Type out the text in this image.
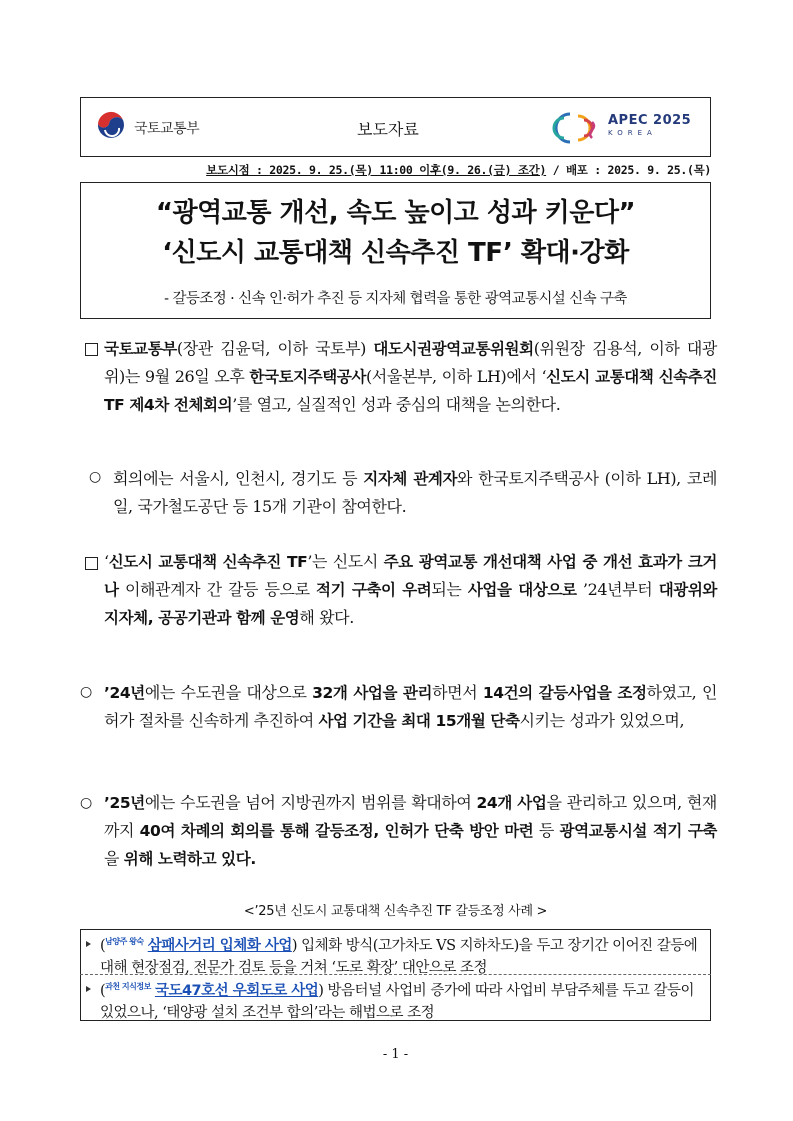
국토교통부	보도자료	APEC 2025
KOREA
보도시점 : 2025. 9. 25.(목) 11:00 이후(9. 26.(금) 조간) / 배포 : 2025. 9. 25.(목)
“광역교통 개선, 속도 높이고 성과 키운다”
‘신도시 교통대책 신속추진 TF’ 확대·강화
- 갈등조정 · 신속 인·허가 추진 등 지자체 협력을 통한 광역교통시설 신속 구축
국토교통부(장관 김윤덕, 이하 국토부) 대도시권광역교통위원회(위원장 김용석, 이하 대광위)는 9월 26일 오후 한국토지주택공사(서울본부, 이하 LH)에서 ‘신도시 교통대책 신속추진 TF 제4차 전체회의’를 열고, 실질적인 성과 중심의 대책을 논의한다.
○ 회의에는 서울시, 인천시, 경기도 등 지자체 관계자와 한국토지주택공사 (이하 LH), 코레일, 국가철도공단 등 15개 기관이 참여한다.
‘신도시 교통대책 신속추진 TF’는 신도시 주요 광역교통 개선대책 사업 중 개선 효과가 크거나 이해관계자 간 갈등 등으로 적기 구축이 우려되는 사업을 대상으로 ’24년부터 대광위와 지자체, 공공기관과 함께 운영해 왔다.
○ ’24년에는 수도권을 대상으로 32개 사업을 관리하면서 14건의 갈등사업을 조정하였고, 인허가 절차를 신속하게 추진하여 사업 기간을 최대 15개월 단축시키는 성과가 있었으며,
○ ’25년에는 수도권을 넘어 지방권까지 범위를 확대하여 24개 사업을 관리하고 있으며, 현재까지 40여 차례의 회의를 통해 갈등조정, 인허가 단축 방안 마련 등 광역교통시설 적기 구축을 위해 노력하고 있다.
<’25년 신도시 교통대책 신속추진 TF 갈등조정 사례 >
($^{남양주 왕숙}$ 삼패사거리 입체화 사업) 입체화 방식(고가차도 VS 지하차도)을 두고 장기간 이어진 갈등에 대해 현장점검, 전문가 검토 등을 거쳐 ‘도로 확장’ 대안으로 조정
($^{과천 지식정보}$ 국도47호선 우회도로 사업) 방음터널 사업비 증가에 따라 사업비 부담주체를 두고 갈등이 있었으나, ‘태양광 설치 조건부 합의’라는 해법으로 조정
- 1 -
